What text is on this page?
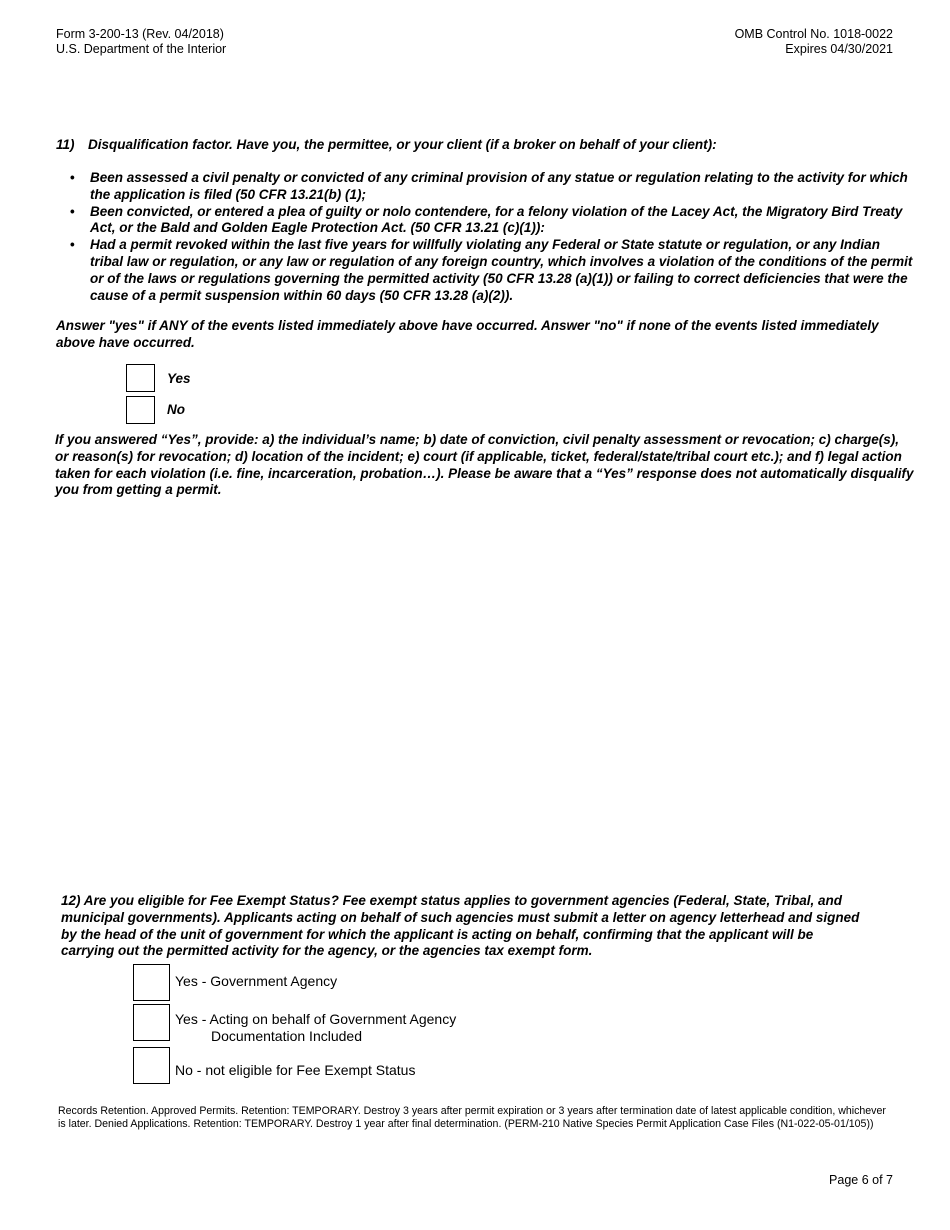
Form 3-200-13 (Rev. 04/2018)
U.S. Department of the Interior
OMB Control No. 1018-0022
Expires 04/30/2021

11) Disqualification factor. Have you, the permittee, or your client (if a broker on behalf of your client):

• Been assessed a civil penalty or convicted of any criminal provision of any statue or regulation relating to the activity for which the application is filed (50 CFR 13.21(b) (1);
• Been convicted, or entered a plea of guilty or nolo contendere, for a felony violation of the Lacey Act, the Migratory Bird Treaty Act, or the Bald and Golden Eagle Protection Act. (50 CFR 13.21 (c)(1)):
• Had a permit revoked within the last five years for willfully violating any Federal or State statute or regulation, or any Indian tribal law or regulation, or any law or regulation of any foreign country, which involves a violation of the conditions of the permit or of the laws or regulations governing the permitted activity (50 CFR 13.28 (a)(1)) or failing to correct deficiencies that were the cause of a permit suspension within 60 days (50 CFR 13.28 (a)(2)).

Answer "yes" if ANY of the events listed immediately above have occurred. Answer "no" if none of the events listed immediately above have occurred.

Yes
No

If you answered “Yes”, provide: a) the individual’s name; b) date of conviction, civil penalty assessment or revocation; c) charge(s), or reason(s) for revocation; d) location of the incident; e) court (if applicable, ticket, federal/state/tribal court etc.); and f) legal action taken for each violation (i.e. fine, incarceration, probation…). Please be aware that a “Yes” response does not automatically disqualify you from getting a permit.

12) Are you eligible for Fee Exempt Status? Fee exempt status applies to government agencies (Federal, State, Tribal, and municipal governments). Applicants acting on behalf of such agencies must submit a letter on agency letterhead and signed by the head of the unit of government for which the applicant is acting on behalf, confirming that the applicant will be carrying out the permitted activity for the agency, or the agencies tax exempt form.

Yes - Government Agency
Yes - Acting on behalf of Government Agency
Documentation Included
No - not eligible for Fee Exempt Status

Records Retention. Approved Permits. Retention: TEMPORARY. Destroy 3 years after permit expiration or 3 years after termination date of latest applicable condition, whichever is later. Denied Applications. Retention: TEMPORARY. Destroy 1 year after final determination. (PERM-210 Native Species Permit Application Case Files (N1-022-05-01/105))

Page 6 of 7
